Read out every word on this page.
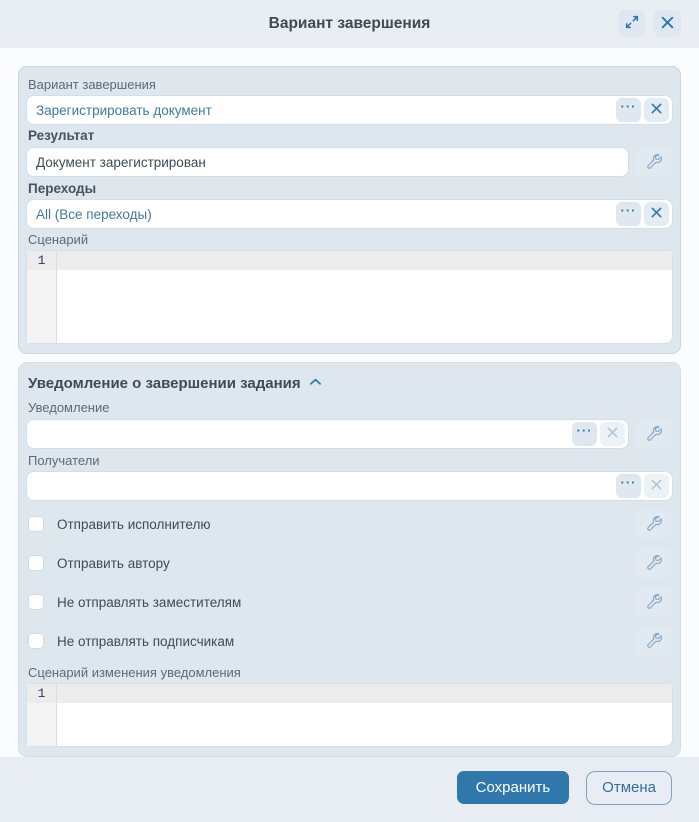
Вариант завершения
Вариант завершения
Зарегистрировать документ
···
Результат
Документ зарегистрирован
Переходы
All (Все переходы)
···
Сценарий
1
Уведомление о завершении задания
Уведомление
···
Получатели
···
Отправить исполнителю
Отправить автору
Не отправлять заместителям
Не отправлять подписчикам
Сценарий изменения уведомления
1
Сохранить	Отмена
